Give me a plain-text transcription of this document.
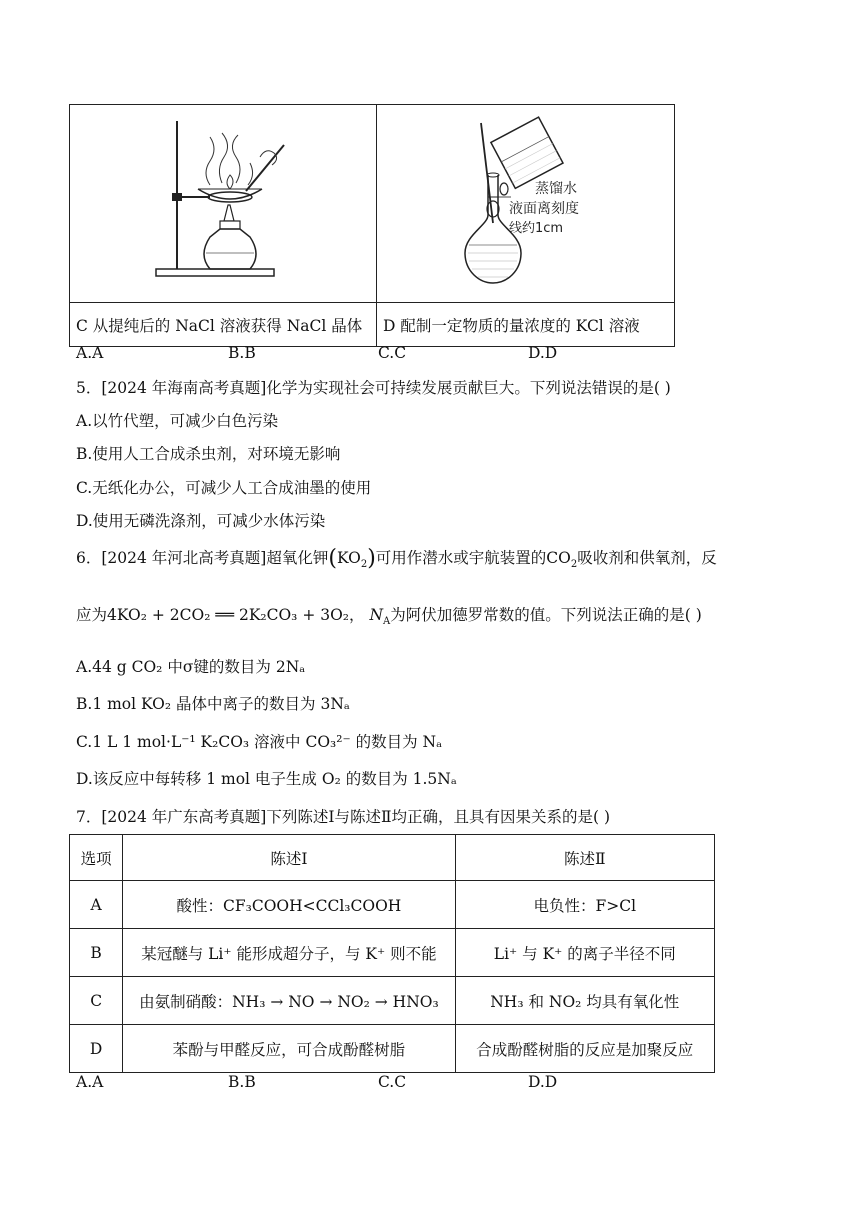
蒸馏水
液面离刻度
线约1cm

C 从提纯后的 NaCl 溶液获得 NaCl 晶体	D 配制一定物质的量浓度的 KCl 溶液
A.A	B.B	C.C	D.D
5．[2024 年海南高考真题]化学为实现社会可持续发展贡献巨大。下列说法错误的是( )
A.以竹代塑，可减少白色污染
B.使用人工合成杀虫剂，对环境无影响
C.无纸化办公，可减少人工合成油墨的使用
D.使用无磷洗涤剂，可减少水体污染
6．[2024 年河北高考真题]超氧化钾$(KO_2)$可用作潜水或宇航装置的$CO_2$吸收剂和供氧剂，反
应为4KO₂ + 2CO₂ ══ 2K₂CO₃ + 3O₂， $N_A$为阿伏加德罗常数的值。下列说法正确的是( )
A.44 g CO₂ 中σ键的数目为 2Nₐ
B.1 mol KO₂ 晶体中离子的数目为 3Nₐ
C.1 L 1 mol·L⁻¹ K₂CO₃ 溶液中 CO₃²⁻ 的数目为 Nₐ
D.该反应中每转移 1 mol 电子生成 O₂ 的数目为 1.5Nₐ
7．[2024 年广东高考真题]下列陈述Ⅰ与陈述Ⅱ均正确，且具有因果关系的是( )
选项	陈述Ⅰ	陈述Ⅱ
A	酸性：CF₃COOH<CCl₃COOH	电负性：F>Cl
B	某冠醚与 Li⁺ 能形成超分子，与 K⁺ 则不能	Li⁺ 与 K⁺ 的离子半径不同
C	由氨制硝酸：NH₃ → NO → NO₂ → HNO₃	NH₃ 和 NO₂ 均具有氧化性
D	苯酚与甲醛反应，可合成酚醛树脂	合成酚醛树脂的反应是加聚反应
A.A	B.B	C.C	D.D
